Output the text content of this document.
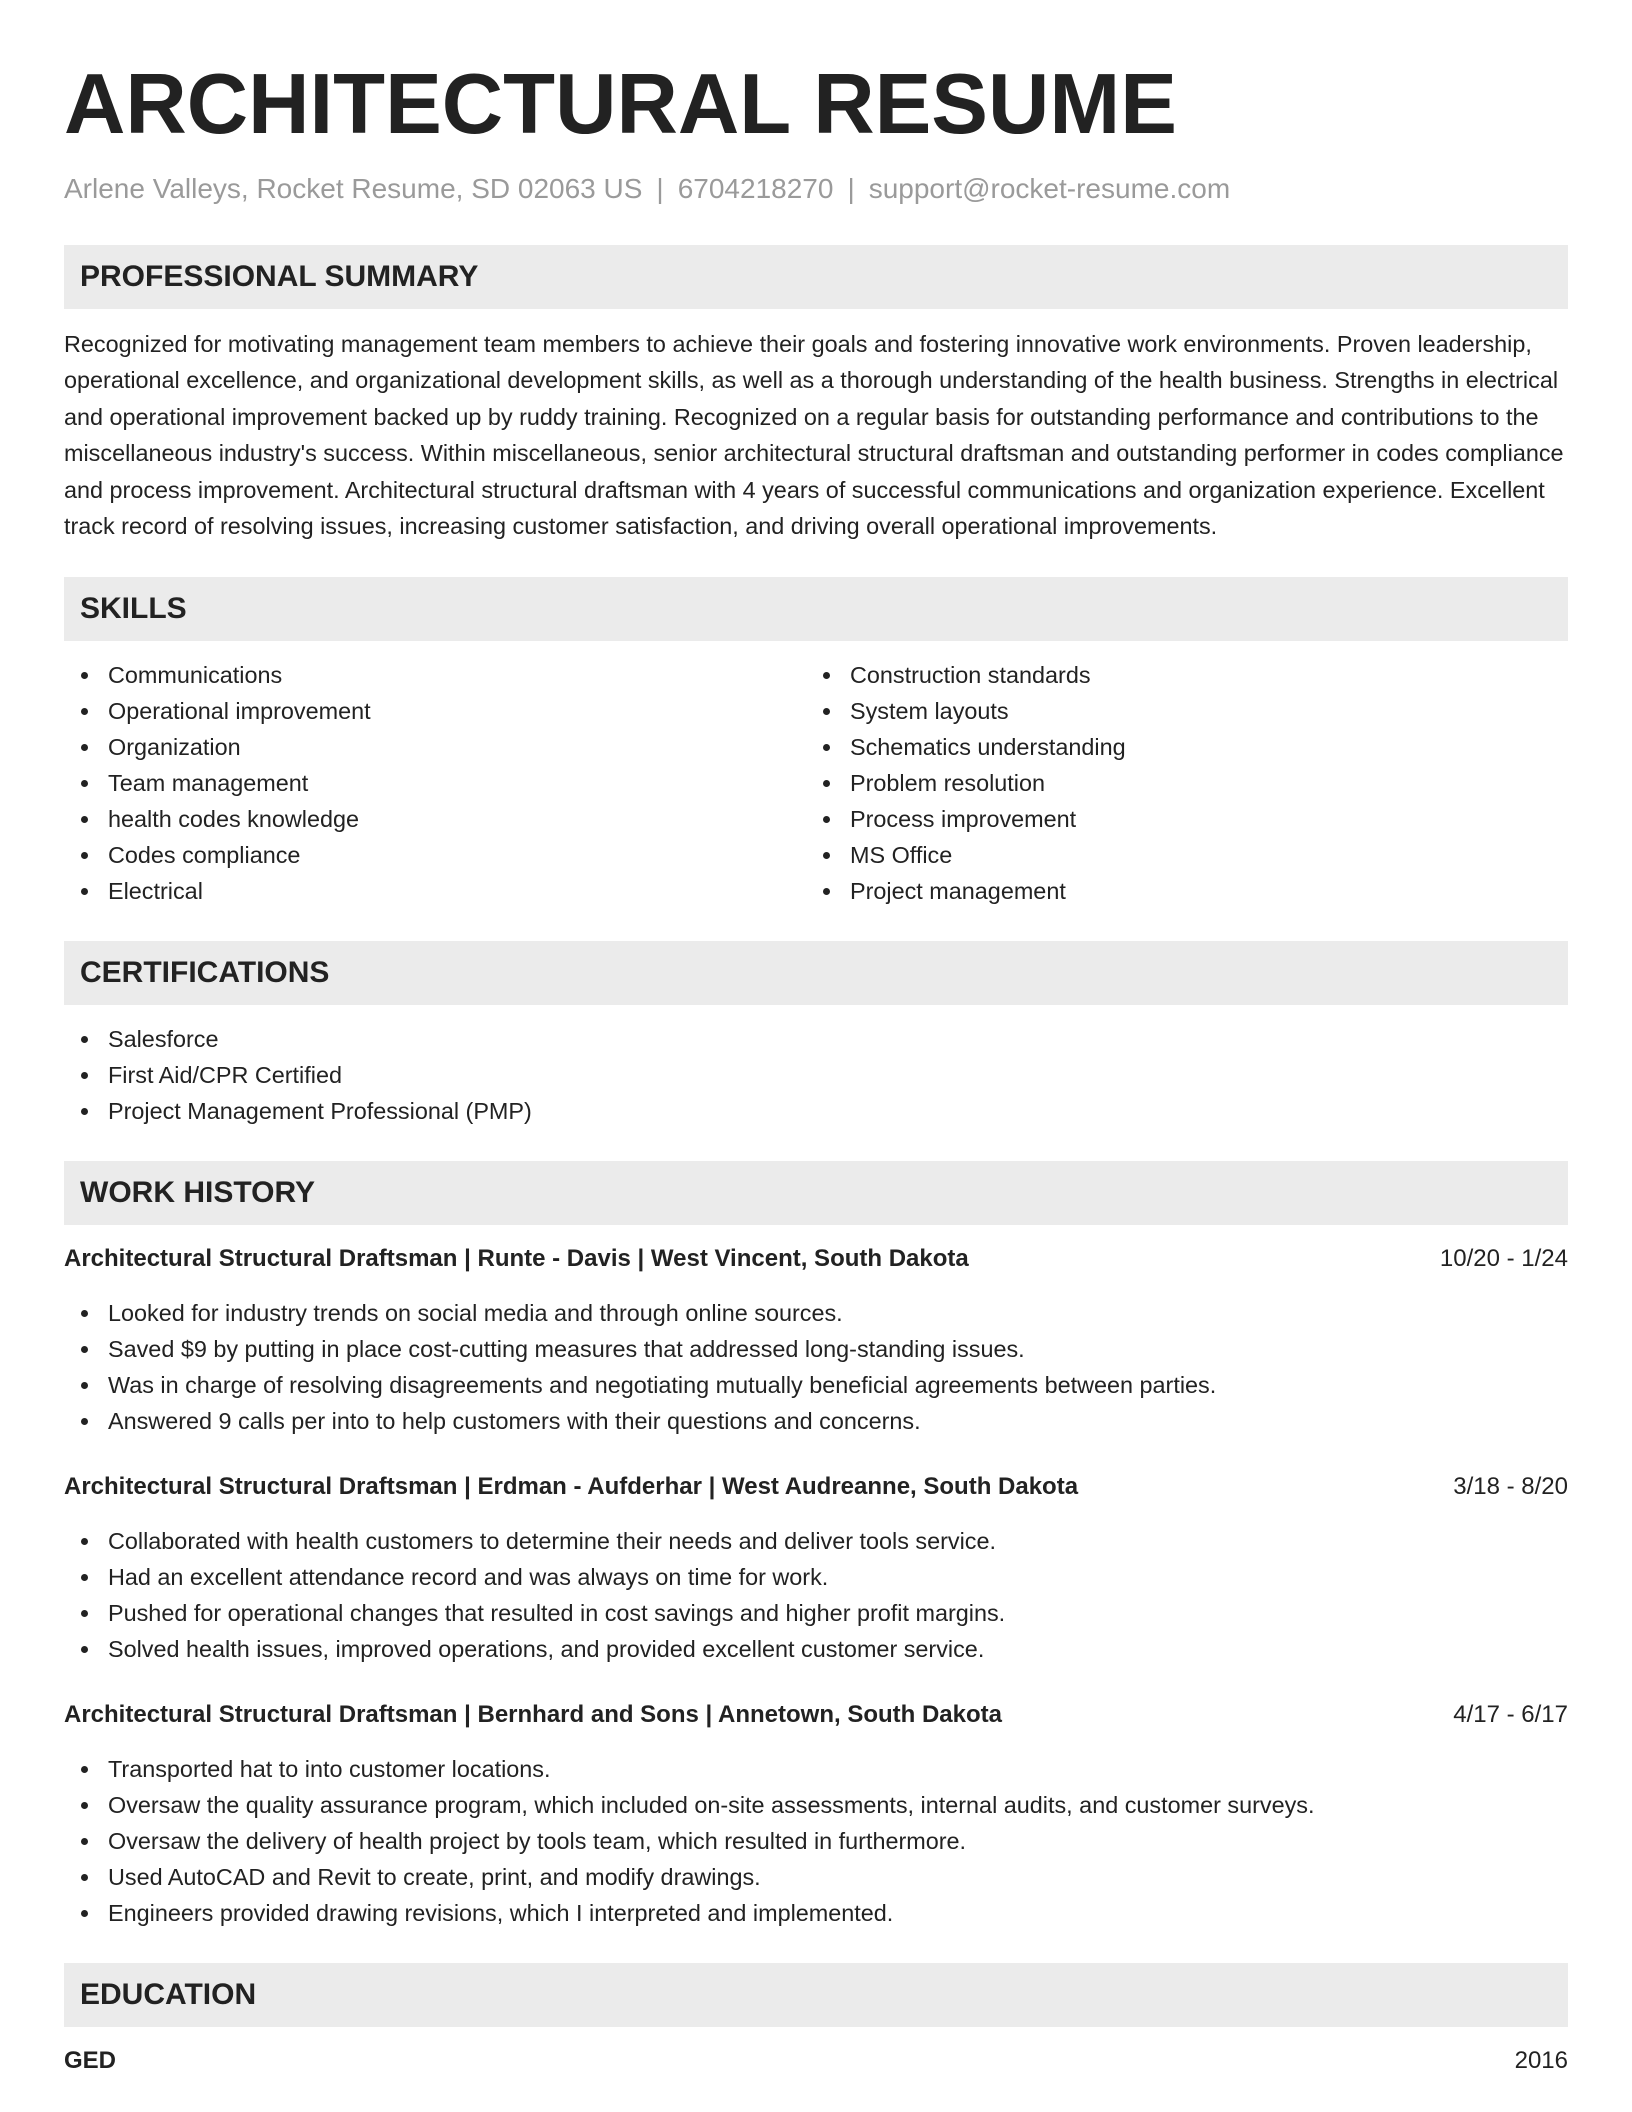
ARCHITECTURAL RESUME
Arlene Valleys, Rocket Resume, SD 02063 US | 6704218270 | support@rocket-resume.com
PROFESSIONAL SUMMARY

Recognized for motivating management team members to achieve their goals and fostering innovative work environments. Proven leadership, operational excellence, and organizational development skills, as well as a thorough understanding of the health business. Strengths in electrical and operational improvement backed up by ruddy training. Recognized on a regular basis for outstanding performance and contributions to the miscellaneous industry's success. Within miscellaneous, senior architectural structural draftsman and outstanding performer in codes compliance and process improvement. Architectural structural draftsman with 4 years of successful communications and organization experience. Excellent track record of resolving issues, increasing customer satisfaction, and driving overall operational improvements.

SKILLS
Communications
Operational improvement
Organization
Team management
health codes knowledge
Codes compliance
Electrical
Construction standards
System layouts
Schematics understanding
Problem resolution
Process improvement
MS Office
Project management
CERTIFICATIONS
Salesforce
First Aid/CPR Certified
Project Management Professional (PMP)
WORK HISTORY
Architectural Structural Draftsman | Runte - Davis | West Vincent, South Dakota	10/20 - 1/24
Looked for industry trends on social media and through online sources.
Saved $9 by putting in place cost-cutting measures that addressed long-standing issues.
Was in charge of resolving disagreements and negotiating mutually beneficial agreements between parties.
Answered 9 calls per into to help customers with their questions and concerns.
Architectural Structural Draftsman | Erdman - Aufderhar | West Audreanne, South Dakota	3/18 - 8/20
Collaborated with health customers to determine their needs and deliver tools service.
Had an excellent attendance record and was always on time for work.
Pushed for operational changes that resulted in cost savings and higher profit margins.
Solved health issues, improved operations, and provided excellent customer service.
Architectural Structural Draftsman | Bernhard and Sons | Annetown, South Dakota	4/17 - 6/17
Transported hat to into customer locations.
Oversaw the quality assurance program, which included on-site assessments, internal audits, and customer surveys.
Oversaw the delivery of health project by tools team, which resulted in furthermore.
Used AutoCAD and Revit to create, print, and modify drawings.
Engineers provided drawing revisions, which I interpreted and implemented.
EDUCATION
GED	2016
